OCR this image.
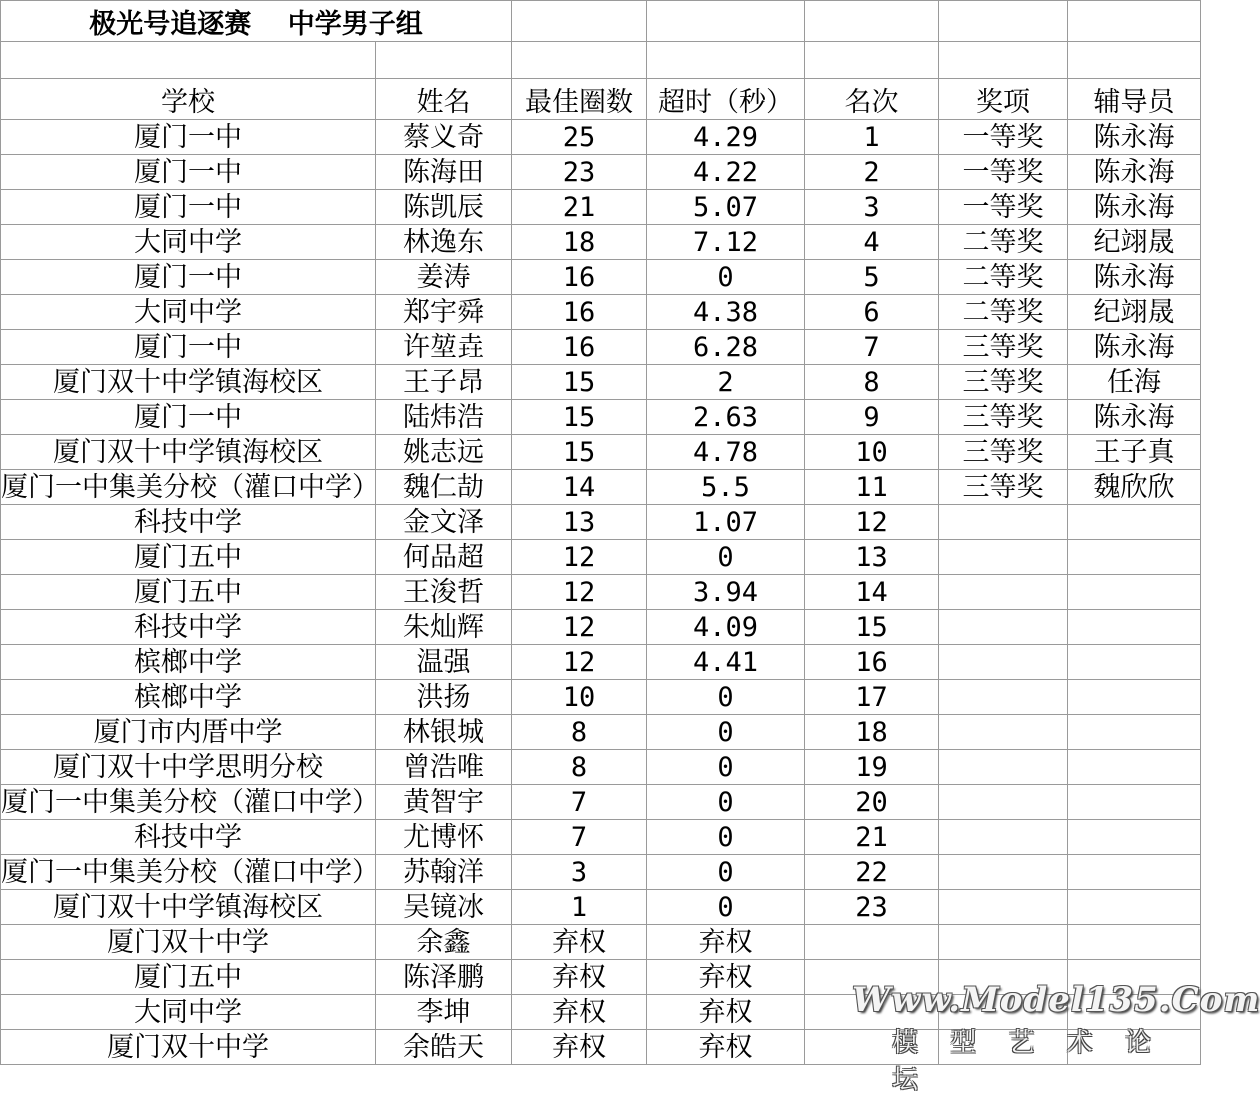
极光号追逐赛　 中学男子组						

学校	姓名	最佳圈数	超时（秒）	名次	奖项	辅导员
厦门一中	蔡义奇	25	4.29	1	一等奖	陈永海
厦门一中	陈海田	23	4.22	2	一等奖	陈永海
厦门一中	陈凯辰	21	5.07	3	一等奖	陈永海
大同中学	林逸东	18	7.12	4	二等奖	纪翊晟
厦门一中	姜涛	16	0	5	二等奖	陈永海
大同中学	郑宇舜	16	4.38	6	二等奖	纪翊晟
厦门一中	许堃垚	16	6.28	7	三等奖	陈永海
厦门双十中学镇海校区	王子昂	15	2	8	三等奖	任海
厦门一中	陆炜浩	15	2.63	9	三等奖	陈永海
厦门双十中学镇海校区	姚志远	15	4.78	10	三等奖	王子真
厦门一中集美分校（灌口中学）	魏仁劼	14	5.5	11	三等奖	魏欣欣
科技中学	金文泽	13	1.07	12		
厦门五中	何品超	12	0	13		
厦门五中	王浚哲	12	3.94	14		
科技中学	朱灿辉	12	4.09	15		
槟榔中学	温强	12	4.41	16		
槟榔中学	洪扬	10	0	17		
厦门市内厝中学	林银城	8	0	18		
厦门双十中学思明分校	曾浩唯	8	0	19		
厦门一中集美分校（灌口中学）	黄智宇	7	0	20		
科技中学	尤博怀	7	0	21		
厦门一中集美分校（灌口中学）	苏翰洋	3	0	22		
厦门双十中学镇海校区	吴镜冰	1	0	23		
厦门双十中学	余鑫	弃权	弃权			
厦门五中	陈泽鹏	弃权	弃权			
大同中学	李坤	弃权	弃权			
厦门双十中学	余皓天	弃权	弃权			
Www.Model135.Com
模 型 艺 术 论 坛
